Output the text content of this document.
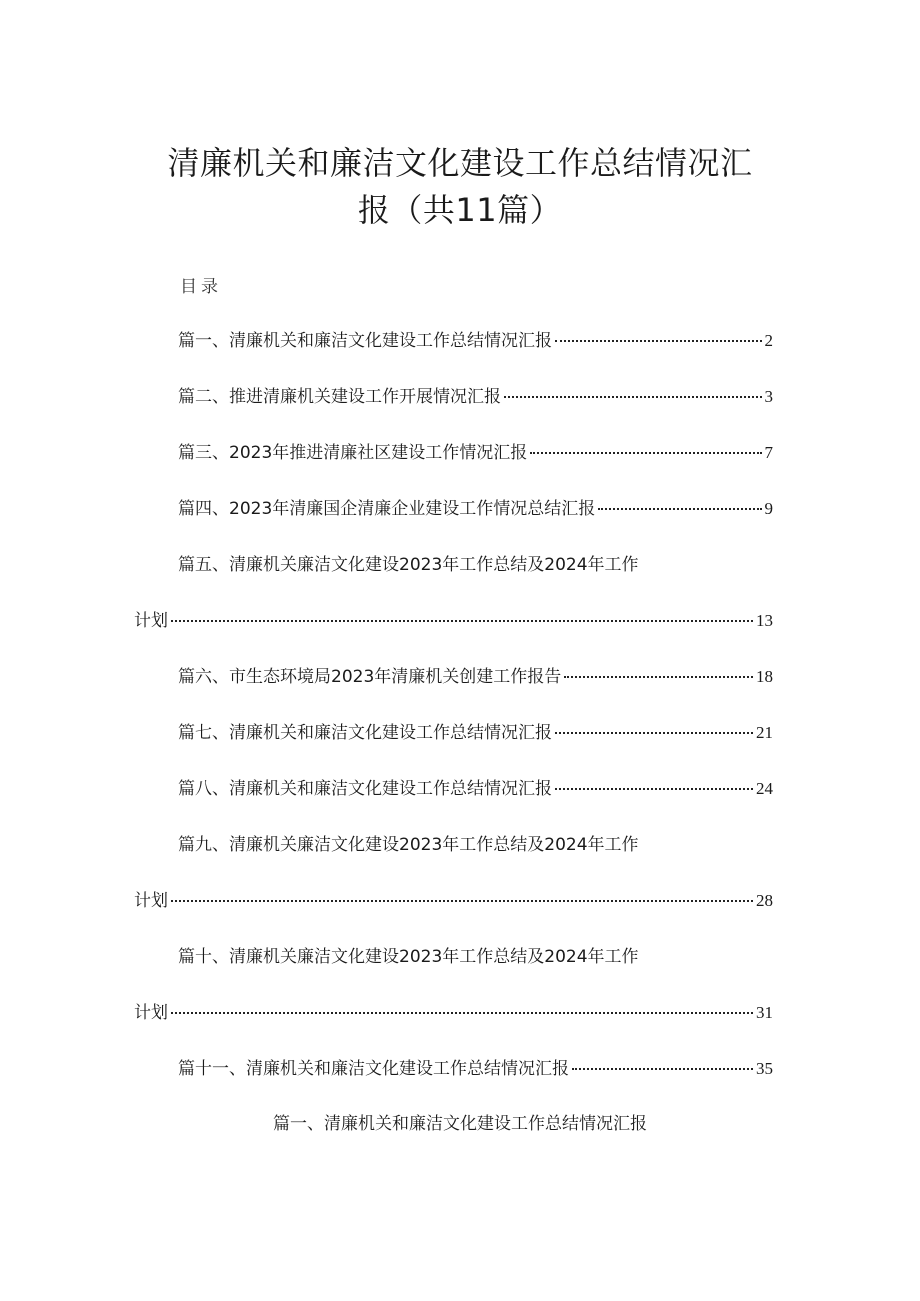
清廉机关和廉洁文化建设工作总结情况汇
报（共11篇）
目录
篇一、清廉机关和廉洁文化建设工作总结情况汇报	2
篇二、推进清廉机关建设工作开展情况汇报	3
篇三、2023年推进清廉社区建设工作情况汇报	7
篇四、2023年清廉国企清廉企业建设工作情况总结汇报	9
篇五、清廉机关廉洁文化建设2023年工作总结及2024年工作
计划	13
篇六、市生态环境局2023年清廉机关创建工作报告	18
篇七、清廉机关和廉洁文化建设工作总结情况汇报	21
篇八、清廉机关和廉洁文化建设工作总结情况汇报	24
篇九、清廉机关廉洁文化建设2023年工作总结及2024年工作
计划	28
篇十、清廉机关廉洁文化建设2023年工作总结及2024年工作
计划	31
篇十一、清廉机关和廉洁文化建设工作总结情况汇报	35
篇一、清廉机关和廉洁文化建设工作总结情况汇报
